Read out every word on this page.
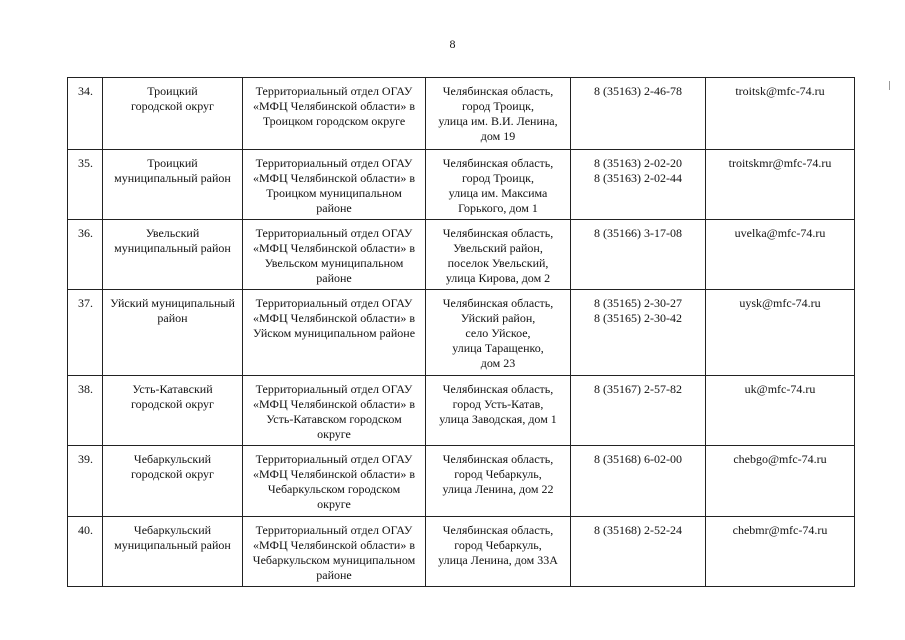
8
34.	Троицкий
городской округ	Территориальный отдел ОГАУ
«МФЦ Челябинской области» в
Троицком городском округе	Челябинская область,
город Троицк,
улица им. В.И. Ленина,
дом 19	8 (35163) 2-46-78	troitsk@mfc-74.ru
35.	Троицкий
муниципальный район	Территориальный отдел ОГАУ
«МФЦ Челябинской области» в
Троицком муниципальном
районе	Челябинская область,
город Троицк,
улица им. Максима
Горького, дом 1	8 (35163) 2-02-20
8 (35163) 2-02-44	troitskmr@mfc-74.ru
36.	Увельский
муниципальный район	Территориальный отдел ОГАУ
«МФЦ Челябинской области» в
Увельском муниципальном
районе	Челябинская область,
Увельский район,
поселок Увельский,
улица Кирова, дом 2	8 (35166) 3-17-08	uvelka@mfc-74.ru
37.	Уйский муниципальный
район	Территориальный отдел ОГАУ
«МФЦ Челябинской области» в
Уйском муниципальном районе	Челябинская область,
Уйский район,
село Уйское,
улица Таращенко,
дом 23	8 (35165) 2-30-27
8 (35165) 2-30-42	uysk@mfc-74.ru
38.	Усть-Катавский
городской округ	Территориальный отдел ОГАУ
«МФЦ Челябинской области» в
Усть-Катавском городском
округе	Челябинская область,
город Усть-Катав,
улица Заводская, дом 1	8 (35167) 2-57-82	uk@mfc-74.ru
39.	Чебаркульский
городской округ	Территориальный отдел ОГАУ
«МФЦ Челябинской области» в
Чебаркульском городском
округе	Челябинская область,
город Чебаркуль,
улица Ленина, дом 22	8 (35168) 6-02-00	chebgo@mfc-74.ru
40.	Чебаркульский
муниципальный район	Территориальный отдел ОГАУ
«МФЦ Челябинской области» в
Чебаркульском муниципальном
районе	Челябинская область,
город Чебаркуль,
улица Ленина, дом 33А	8 (35168) 2-52-24	chebmr@mfc-74.ru
